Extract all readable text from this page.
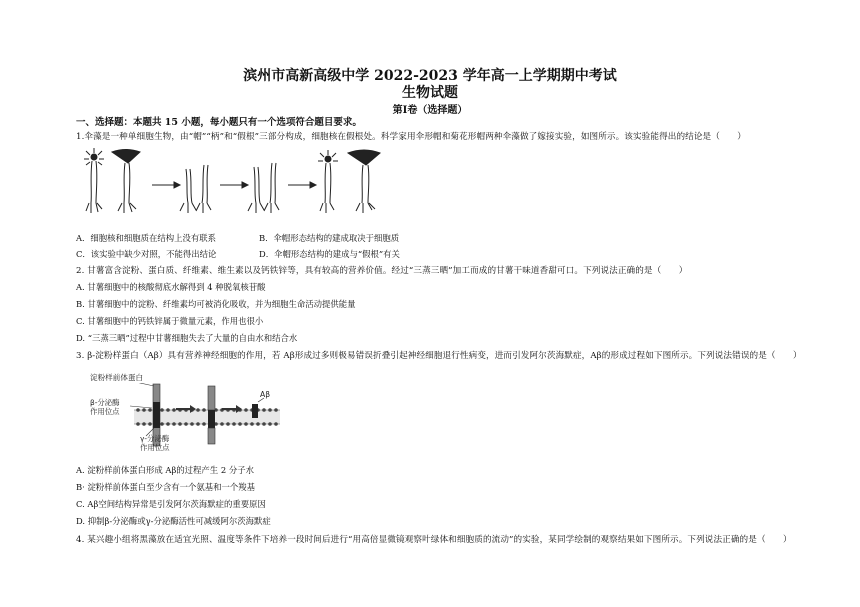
滨州市高新高级中学 2022-2023 学年高一上学期期中考试
生物试题
第Ⅰ卷（选择题）
一、选择题：本题共 15 小题，每小题只有一个选项符合题目要求。
1.伞藻是一种单细胞生物，由“帽”“柄”和“假根”三部分构成，细胞核在假根处。科学家用伞形帽和菊花形帽两种伞藻做了嫁接实验，如图所示。该实验能得出的结论是（　　）
A．细胞核和细胞质在结构上没有联系	B．伞帽形态结构的建成取决于细胞质
C．该实验中缺少对照，不能得出结论	D．伞帽形态结构的建成与“假根”有关
2. 甘薯富含淀粉、蛋白质、纤维素、维生素以及钙铁锌等，具有较高的营养价值。经过“三蒸三晒”加工而成的甘薯干味道香甜可口。下列说法正确的是（　　）
A. 甘薯细胞中的核酸彻底水解得到 4 种脱氧核苷酸
B. 甘薯细胞中的淀粉、纤维素均可被消化吸收，并为细胞生命活动提供能量
C. 甘薯细胞中的钙铁锌属于微量元素，作用也很小
D. “三蒸三晒”过程中甘薯细胞失去了大量的自由水和结合水
3. β-淀粉样蛋白（Aβ）具有营养神经细胞的作用，若 Aβ形成过多则极易错误折叠引起神经细胞退行性病变，进而引发阿尔茨海默症，Aβ的形成过程如下图所示。下列说法错误的是（　　）
淀粉样前体蛋白
β-分泌酶
作用位点
γ-分泌酶
作用位点
Aβ
A. 淀粉样前体蛋白形成 Aβ的过程产生 2 分子水
B· 淀粉样前体蛋白至少含有一个氨基和一个羧基
C. Aβ空间结构异常是引发阿尔茨海默症的重要原因
D. 抑制β-分泌酶或γ-分泌酶活性可减缓阿尔茨海默症
4. 某兴趣小组将黑藻放在适宜光照、温度等条件下培养一段时间后进行“用高倍显微镜观察叶绿体和细胞质的流动”的实验，某同学绘制的观察结果如下图所示。下列说法正确的是（　　）
